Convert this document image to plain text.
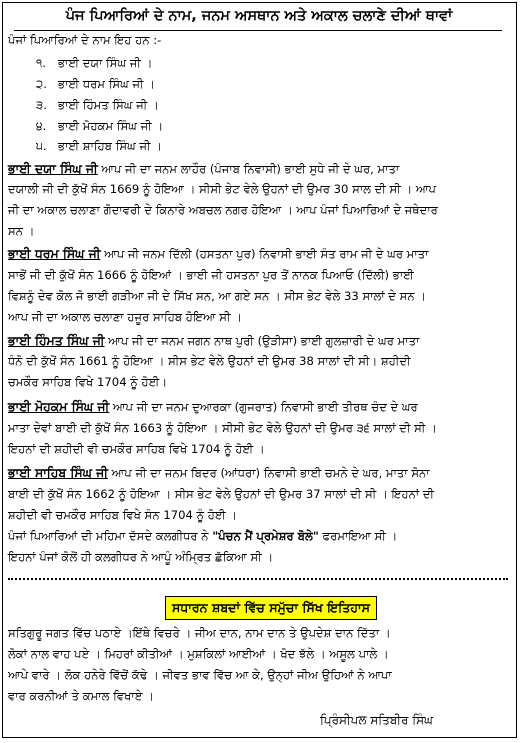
ਪੰਜ ਪਿਆਰਿਆਂ ਦੇ ਨਾਮ, ਜਨਮ ਅਸਥਾਨ ਅਤੇ ਅਕਾਲ ਚਲਾਣੇ ਦੀਆਂ ਥਾਵਾਂ
ਪੰਜਾਂ ਪਿਆਰਿਆਂ ਦੇ ਨਾਮ ਇਹ ਹਨ :-
੧. ਭਾਈ ਦਯਾ ਸਿੰਘ ਜੀ ।
੨. ਭਾਈ ਧਰਮ ਸਿੰਘ ਜੀ ।
੩. ਭਾਈ ਹਿੰਮਤ ਸਿੰਘ ਜੀ ।
੪. ਭਾਈ ਮੋਹਕਮ ਸਿੰਘ ਜੀ ।
੫. ਭਾਈ ਸ਼ਾਹਿਬ ਸਿੰਘ ਜੀ ।
ਭਾਈ ਦਯਾ ਸਿੰਘ ਜੀ ਆਪ ਜੀ ਦਾ ਜਨਮ ਲਾਹੌਰ (ਪੰਜਾਬ ਨਿਵਾਸੀ) ਭਾਈ ਸੁਧੇ ਜੀ ਦੇ ਘਰ, ਮਾਤਾ
ਦਯਾਲੀ ਜੀ ਦੀ ਕੁੱਖੋਂ ਸੰਨ 1669 ਨੂੰ ਹੋਇਆ । ਸੀਸੀ ਭੇਟ ਵੇਲੇ ਉਹਨਾਂ ਦੀ ਉਮਰ 30 ਸਾਲ ਦੀ ਸੀ । ਆਪ
ਜੀ ਦਾ ਅਕਾਲ ਚਲਾਣਾ ਗੋਦਾਵਰੀ ਦੇ ਕਿਨਾਰੇ ਅਬਚਲ ਨਗਰ ਹੋਇਆ । ਆਪ ਪੰਜਾਂ ਪਿਆਰਿਆਂ ਦੇ ਜਥੇਦਾਰ
ਸਨ ।
ਭਾਈ ਧਰਮ ਸਿੰਘ ਜੀ ਆਪ ਜੀ ਜਨਮ ਦਿੱਲੀ (ਹਸਤਨਾ ਪੁਰ) ਨਿਵਾਸੀ ਭਾਈ ਸੰਤ ਰਾਮ ਜੀ ਦੇ ਘਰ ਮਾਤਾ
ਸਾਭੋਂ ਜੀ ਦੀ ਕੁੱਖੋਂ ਸੰਨ 1666 ਨੂੰ ਹੋਇਆਂ । ਭਾਈ ਜੀ ਹਸਤਨਾ ਪੁਰ ਤੋਂ ਨਾਨਕ ਪਿਆਓ (ਦਿੱਲੀ) ਭਾਈ
ਵਿਸ਼ਨੂੰ ਦੇਵ ਕੋਲ ਜੋ ਭਾਈ ਗੜੀਆ ਜੀ ਦੇ ਸਿੱਖ ਸਨ, ਆ ਗਏ ਸਨ । ਸੀਸ ਭੇਟ ਵੇਲੇ 33 ਸਾਲਾਂ ਦੇ ਸਨ ।
ਆਪ ਜੀ ਦਾ ਅਕਾਲ ਚਲਾਣਾ ਹਜੂਰ ਸਾਹਿਬ ਹੋਇਆ ਸੀ ।
ਭਾਈ ਹਿੰਮਤ ਸਿੰਘ ਜੀ ਆਪ ਜੀ ਦਾ ਜਨਮ ਜਗਨ ਨਾਥ ਪੁਰੀ (ਉੜੀਸਾ) ਭਾਈ ਗੁਲਜ਼ਾਰੀ ਦੇ ਘਰ ਮਾਤਾ
ਧੰਨੋ ਦੀ ਕੁੱਖੋਂ ਸੰਨ 1661 ਨੂੰ ਹੋਇਆ । ਸੀਸ ਭੇਟ ਵੇਲੇ ਉਹਨਾਂ ਦੀ ਉਮਰ 38 ਸਾਲਾਂ ਦੀ ਸੀ। ਸ਼ਹੀਦੀ
ਚਮਕੌਰ ਸਾਹਿਬ ਵਿਖੇ 1704 ਨੂੰ ਹੋਈ।
ਭਾਈ ਮੋਹਕਮ ਸਿੰਘ ਜੀ ਆਪ ਜੀ ਦਾ ਜਨਮ ਦੁਆਰਕਾ (ਗੁਜਰਾਤ) ਨਿਵਾਸੀ ਭਾਈ ਤੀਰਥ ਚੰਦ ਦੇ ਘਰ
ਮਾਤਾ ਦੇਵਾਂ ਬਾਈ ਦੀ ਕੁੱਖੋਂ ਸੰਨ 1663 ਨੂੰ ਹੋਇਆ । ਸੀਸੀ ਭੇਟ ਵੇਲੇ ਉਹਨਾਂ ਦੀ ਉਮਰ ੩੬ ਸਾਲਾਂ ਦੀ ਸੀ ।
ਇਹਨਾਂ ਦੀ ਸ਼ਹੀਦੀ ਵੀ ਚਮਕੌਰ ਸਾਹਿਬ ਵਿਖੇ 1704 ਨੂੰ ਹੋਈ ।
ਭਾਈ ਸਾਹਿਬ ਸਿੰਘ ਜੀ ਆਪ ਜੀ ਦਾ ਜਨਮ ਬਿਦਰ (ਆਂਧਰਾ) ਨਿਵਾਸੀ ਭਾਈ ਚਮਨੇ ਦੇ ਘਰ, ਮਾਤਾ ਸੋਨਾ
ਬਾਈ ਦੀ ਕੁੱਖੋਂ ਸੰਨ 1662 ਨੂੰ ਹੋਇਆ । ਸੀਸ ਭੇਟ ਵੇਲੇ ਉਹਨਾਂ ਦੀ ਉਮਰ 37 ਸਾਲਾਂ ਦੀ ਸੀ । ਇਹਨਾਂ ਦੀ
ਸ਼ਹੀਦੀ ਵੀ ਚਮਕੌਰ ਸਾਹਿਬ ਵਿਖੇ ਸੰਨ 1704 ਨੂੰ ਹੋਈ ।
ਪੰਜਾਂ ਪਿਆਰਿਆਂ ਦੀ ਮਹਿਮਾ ਦੱਸਦੇ ਕਲਗੀਧਰ ਨੇ "ਪੰਚਨ ਮੈਂ ਪ੍ਰਮੇਸ਼ਰ ਬੋਲੇ" ਫਰਮਾਇਆ ਸੀ ।
ਇਹਨਾਂ ਪੰਜਾਂ ਕੋਲੋਂ ਹੀ ਕਲਗੀਧਰ ਨੇ ਆਪੂੰ ਅੰਮ੍ਰਿਤ ਛੱਕਿਆ ਸੀ ।
ਸਧਾਰਨ ਸ਼ਬਦਾਂ ਵਿੱਚ ਸਮੁੱਚਾ ਸਿੱਖ ਇਤਿਹਾਸ
ਸਤਿਗੁਰੂ ਜਗਤ ਵਿੱਚ ਪਠਾਏ ।ਇੱਥੇ ਵਿਚਰੇ । ਜੀਅ ਦਾਨ, ਨਾਮ ਦਾਨ ਤੇ ਉਪਦੇਸ਼ ਦਾਨ ਦਿੱਤਾ ।
ਲੋਕਾਂ ਨਾਲ ਵਾਹ ਪਏ । ਮਿਹਰਾਂ ਕੀਤੀਆਂ । ਮੁਸ਼ਕਿਲਾਂ ਆਈਆਂ । ਖੋਦ ਝੱਲੇ । ਅਸੂਲ ਪਾਲੇ ।
ਆਪੇ ਵਾਰੇ । ਲੋਕ ਹਨੇਰੇ ਵਿੱਚੋਂ ਕੱਢੇ । ਜੀਵਤ ਭਾਵ ਵਿੱਚ ਆ ਕੇ, ਉਨ੍ਹਾਂ ਜੀਅ ਉਹਿਆਂ ਨੇ ਆਪਾ
ਵਾਰ ਕਰਨੀਆਂ ਤੇ ਕਮਾਲ ਵਿਖਾਏ ।
ਪ੍ਰਿੰਸੀਪਲ ਸਤਿਬੀਰ ਸਿੰਘ
